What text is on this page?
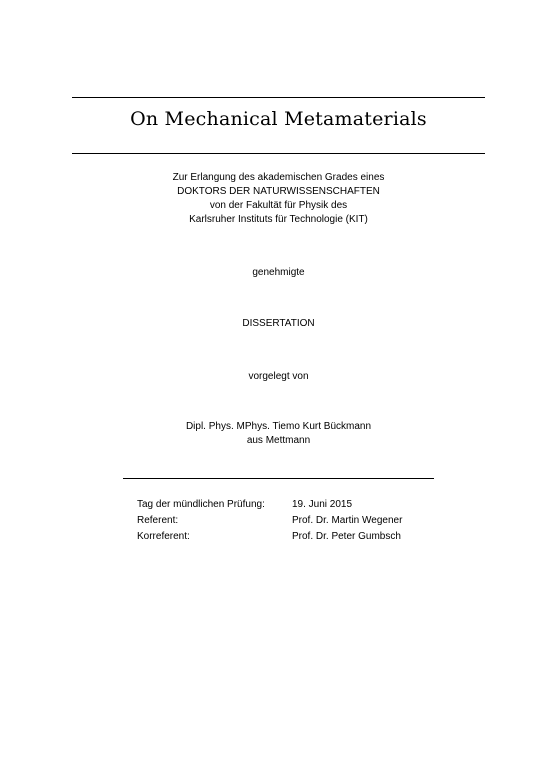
On Mechanical Metamaterials
Zur Erlangung des akademischen Grades eines
DOKTORS DER NATURWISSENSCHAFTEN
von der Fakultät für Physik des
Karlsruher Instituts für Technologie (KIT)
genehmigte
DISSERTATION
vorgelegt von
Dipl. Phys. MPhys. Tiemo Kurt Bückmann
aus Mettmann
Tag der mündlichen Prüfung:	19. Juni 2015
Referent:	Prof. Dr. Martin Wegener
Korreferent:	Prof. Dr. Peter Gumbsch
